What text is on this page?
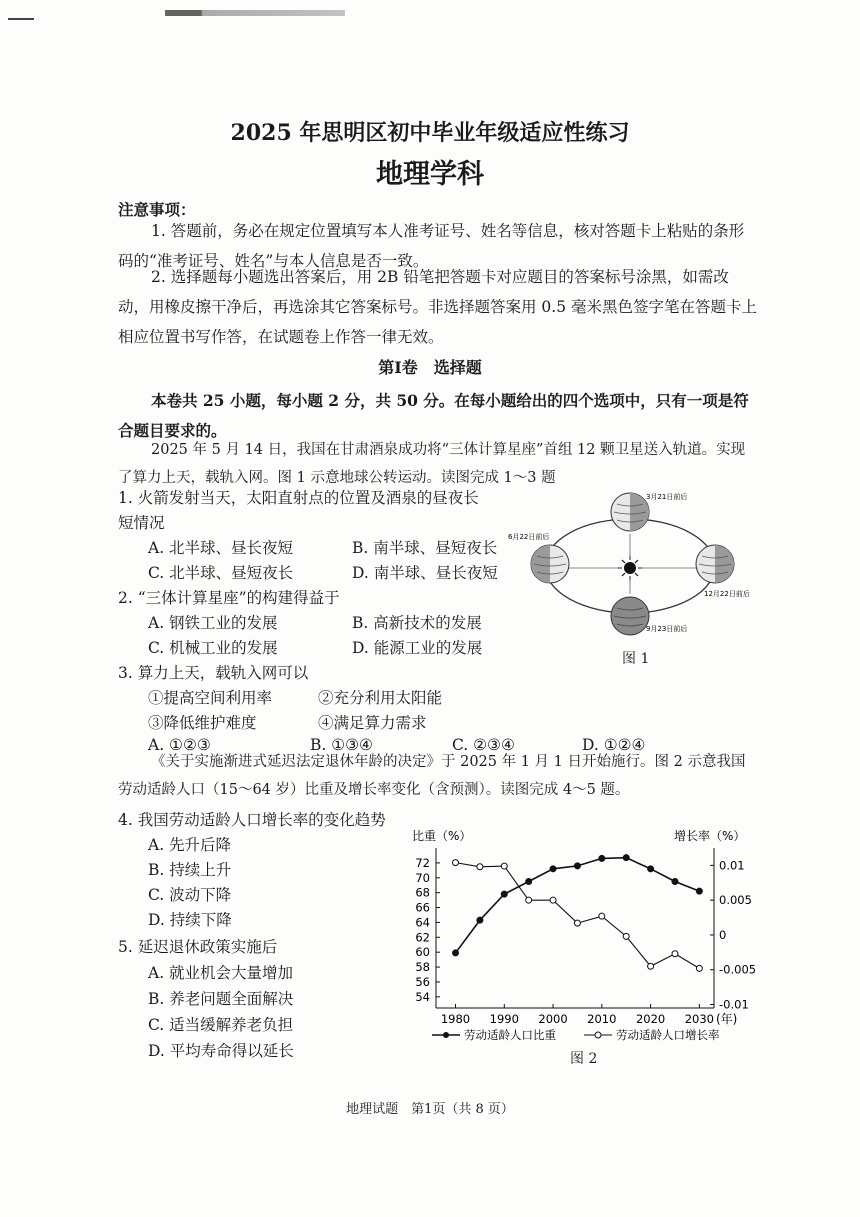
2025 年思明区初中毕业年级适应性练习
地理学科
注意事项：
1. 答题前，务必在规定位置填写本人准考证号、姓名等信息，核对答题卡上粘贴的条形码的“准考证号、姓名”与本人信息是否一致。
2. 选择题每小题选出答案后，用 2B 铅笔把答题卡对应题目的答案标号涂黑，如需改动，用橡皮擦干净后，再选涂其它答案标号。非选择题答案用 0.5 毫米黑色签字笔在答题卡上相应位置书写作答，在试题卷上作答一律无效。
第Ⅰ卷　选择题
本卷共 25 小题，每小题 2 分，共 50 分。在每小题给出的四个选项中，只有一项是符合题目要求的。
2025 年 5 月 14 日，我国在甘肃酒泉成功将“三体计算星座”首组 12 颗卫星送入轨道。实现了算力上天，载轨入网。图 1 示意地球公转运动。读图完成 1～3 题
1. 火箭发射当天，太阳直射点的位置及酒泉的昼夜长
短情况
A. 北半球、昼长夜短	B. 南半球、昼短夜长
C. 北半球、昼短夜长	D. 南半球、昼长夜短
2. “三体计算星座”的构建得益于
A. 钢铁工业的发展	B. 高新技术的发展
C. 机械工业的发展	D. 能源工业的发展
3. 算力上天，载轨入网可以
①提高空间利用率	②充分利用太阳能
③降低维护难度	④满足算力需求
A. ①②③	B. ①③④	C. ②③④	D. ①②④
3月21日前后
6月22日前后
12月22日前后
9月23日前后
图 1
《关于实施渐进式延迟法定退休年龄的决定》于 2025 年 1 月 1 日开始施行。图 2 示意我国劳动适龄人口（15～64 岁）比重及增长率变化（含预测）。读图完成 4～5 题。
4. 我国劳动适龄人口增长率的变化趋势
A. 先升后降
B. 持续上升
C. 波动下降
D. 持续下降
5. 延迟退休政策实施后
A. 就业机会大量增加
B. 养老问题全面解决
C. 适当缓解养老负担
D. 平均寿命得以延长
比重（%）	增长率（%）
54
56
58
60
62
64
66
68
70
72	0.01
0.005
0
-0.005
-0.01
1980 1990 2000 2010 2020 2030 (年)
劳动适龄人口比重	劳动适龄人口增长率
图 2
地理试题　第1页（共 8 页）
